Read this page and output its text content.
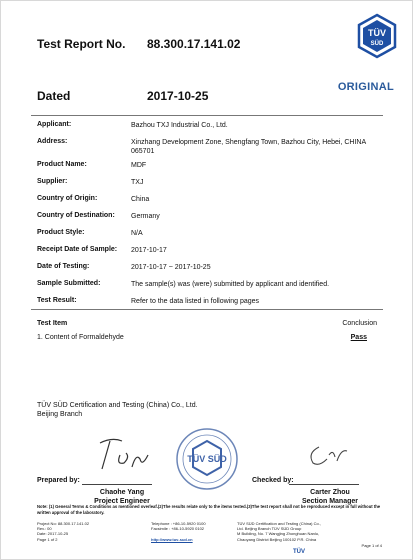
Test Report No. 88.300.17.141.02
TÜV
SÜD
ORIGINAL
Dated	2017-10-25
Applicant:	Bazhou TXJ Industrial Co., Ltd.
Address:	Xinzhang Development Zone, Shengfang Town, Bazhou City, Hebei, CHINA 065701
Product Name:	MDF
Supplier:	TXJ
Country of Origin:	China
Country of Destination: Germany
Product Style:	N/A
Receipt Date of Sample: 2017-10-17
Date of Testing:	2017-10-17 ~ 2017-10-25
Sample Submitted:	The sample(s) was (were) submitted by applicant and identified.
Test Result:	Refer to the data listed in following pages
Test Item	Conclusion
1. Content of Formaldehyde	Pass
TÜV SÜD Certification and Testing (China) Co., Ltd.
Beijing Branch
TÜV SÜD
Prepared by:
Chaohe Yang
Project Engineer
Checked by:
Carter Zhou
Section Manager
Note: (1) General Terms & Conditions as mentioned overleaf.(2)The results relate only to the items tested.(3)The test report shall not be reproduced except in full without the written approval of the laboratory.
Project No: 88.300.17.141.02
Rev.: 00
Date: 2017-10-25
Page 1 of 2
Telephone : +86-10-5920 0100
Facsimile : +86-10-5920 0102

http://www.tuv-sud.cn
TÜV SÜD Certification and Testing (China) Co.,
Ltd. Beijing Branch TÜV SÜD Group
M Building, No. 7 Wangjing Zhonghuan Nanlu,
Chaoyang District Beijing 100102 P.R. China
Page 1 of 4
TÜV
